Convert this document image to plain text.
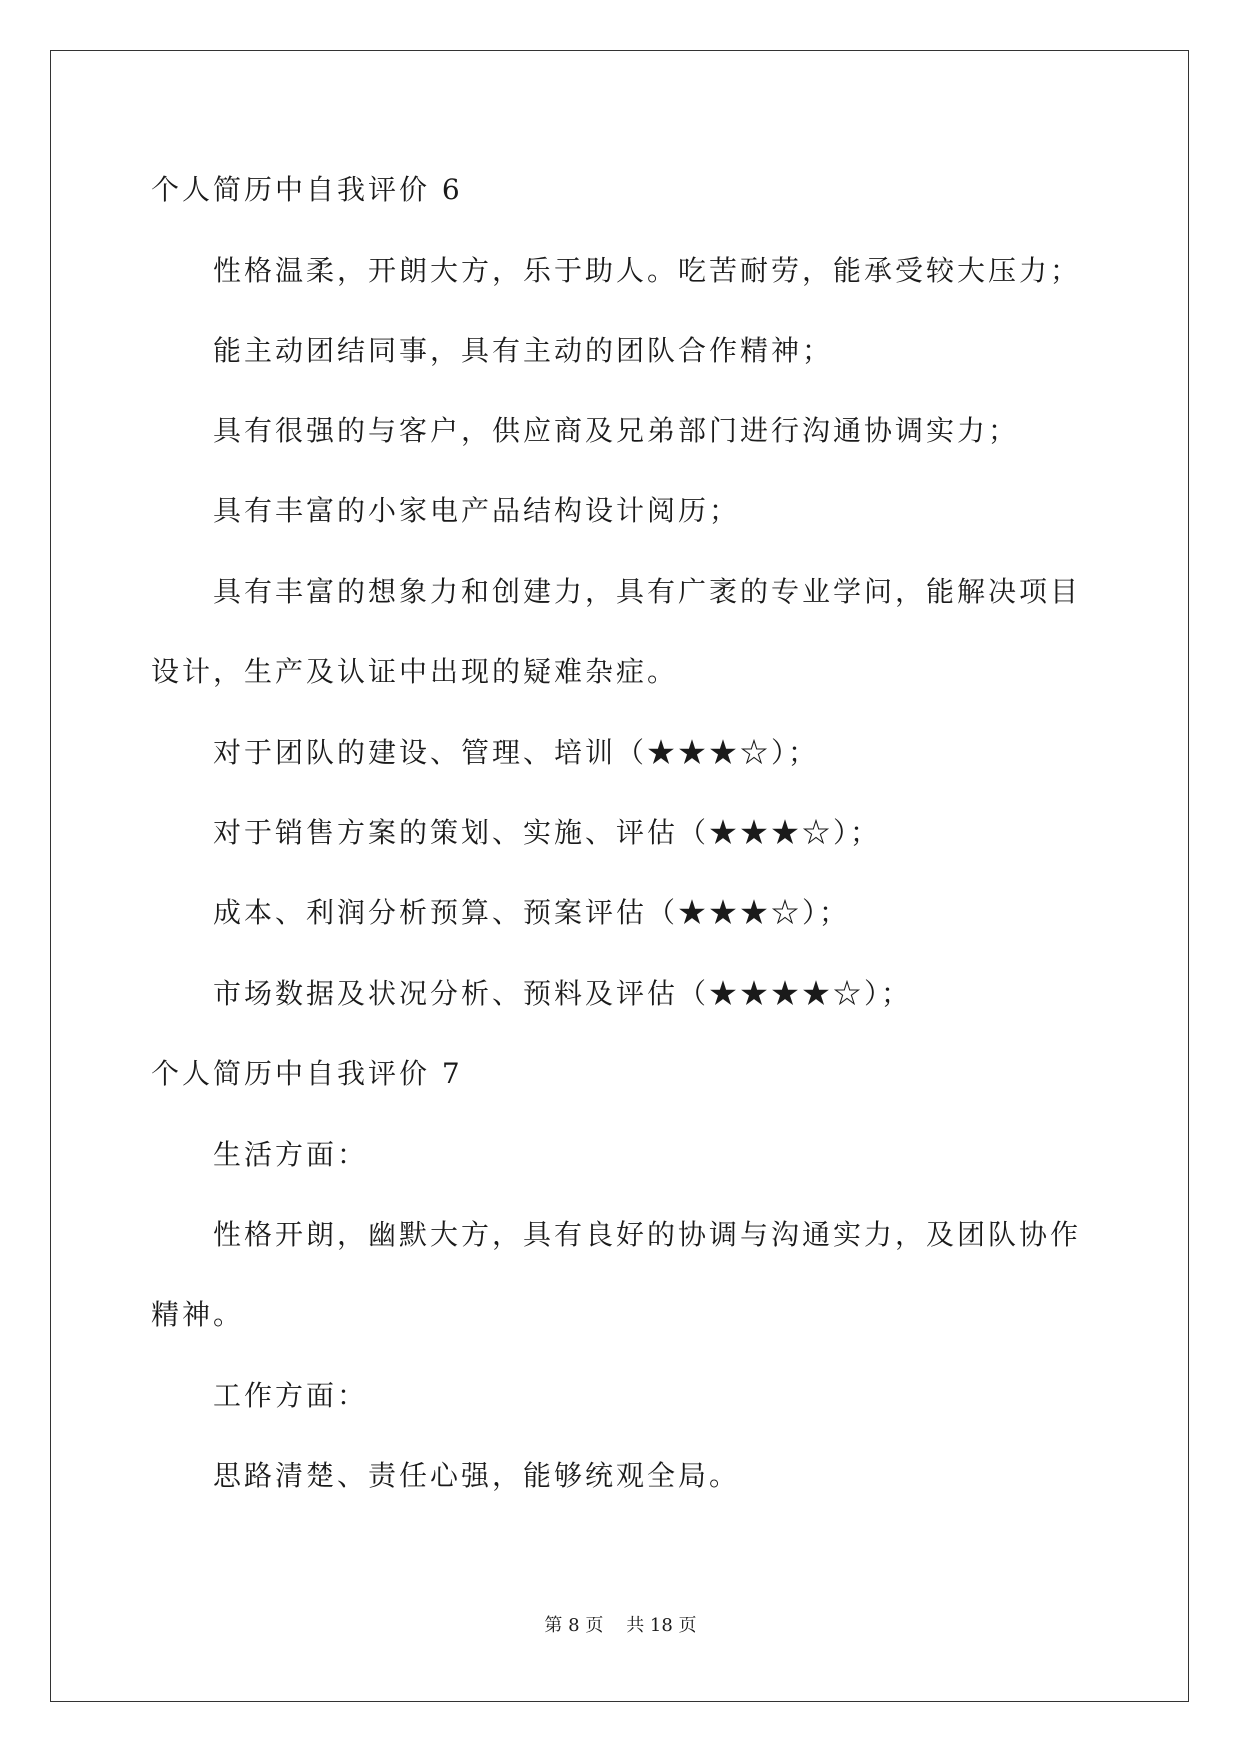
个人简历中自我评价 6
性格温柔，开朗大方，乐于助人。吃苦耐劳，能承受较大压力；
能主动团结同事，具有主动的团队合作精神；
具有很强的与客户，供应商及兄弟部门进行沟通协调实力；
具有丰富的小家电产品结构设计阅历；
具有丰富的想象力和创建力，具有广袤的专业学问，能解决项目
设计，生产及认证中出现的疑难杂症。
对于团队的建设、管理、培训（★★★☆）；
对于销售方案的策划、实施、评估（★★★☆）；
成本、利润分析预算、预案评估（★★★☆）；
市场数据及状况分析、预料及评估（★★★★☆）；
个人简历中自我评价 7
生活方面：
性格开朗，幽默大方，具有良好的协调与沟通实力，及团队协作
精神。
工作方面：
思路清楚、责任心强，能够统观全局。
第 8 页    共 18 页
